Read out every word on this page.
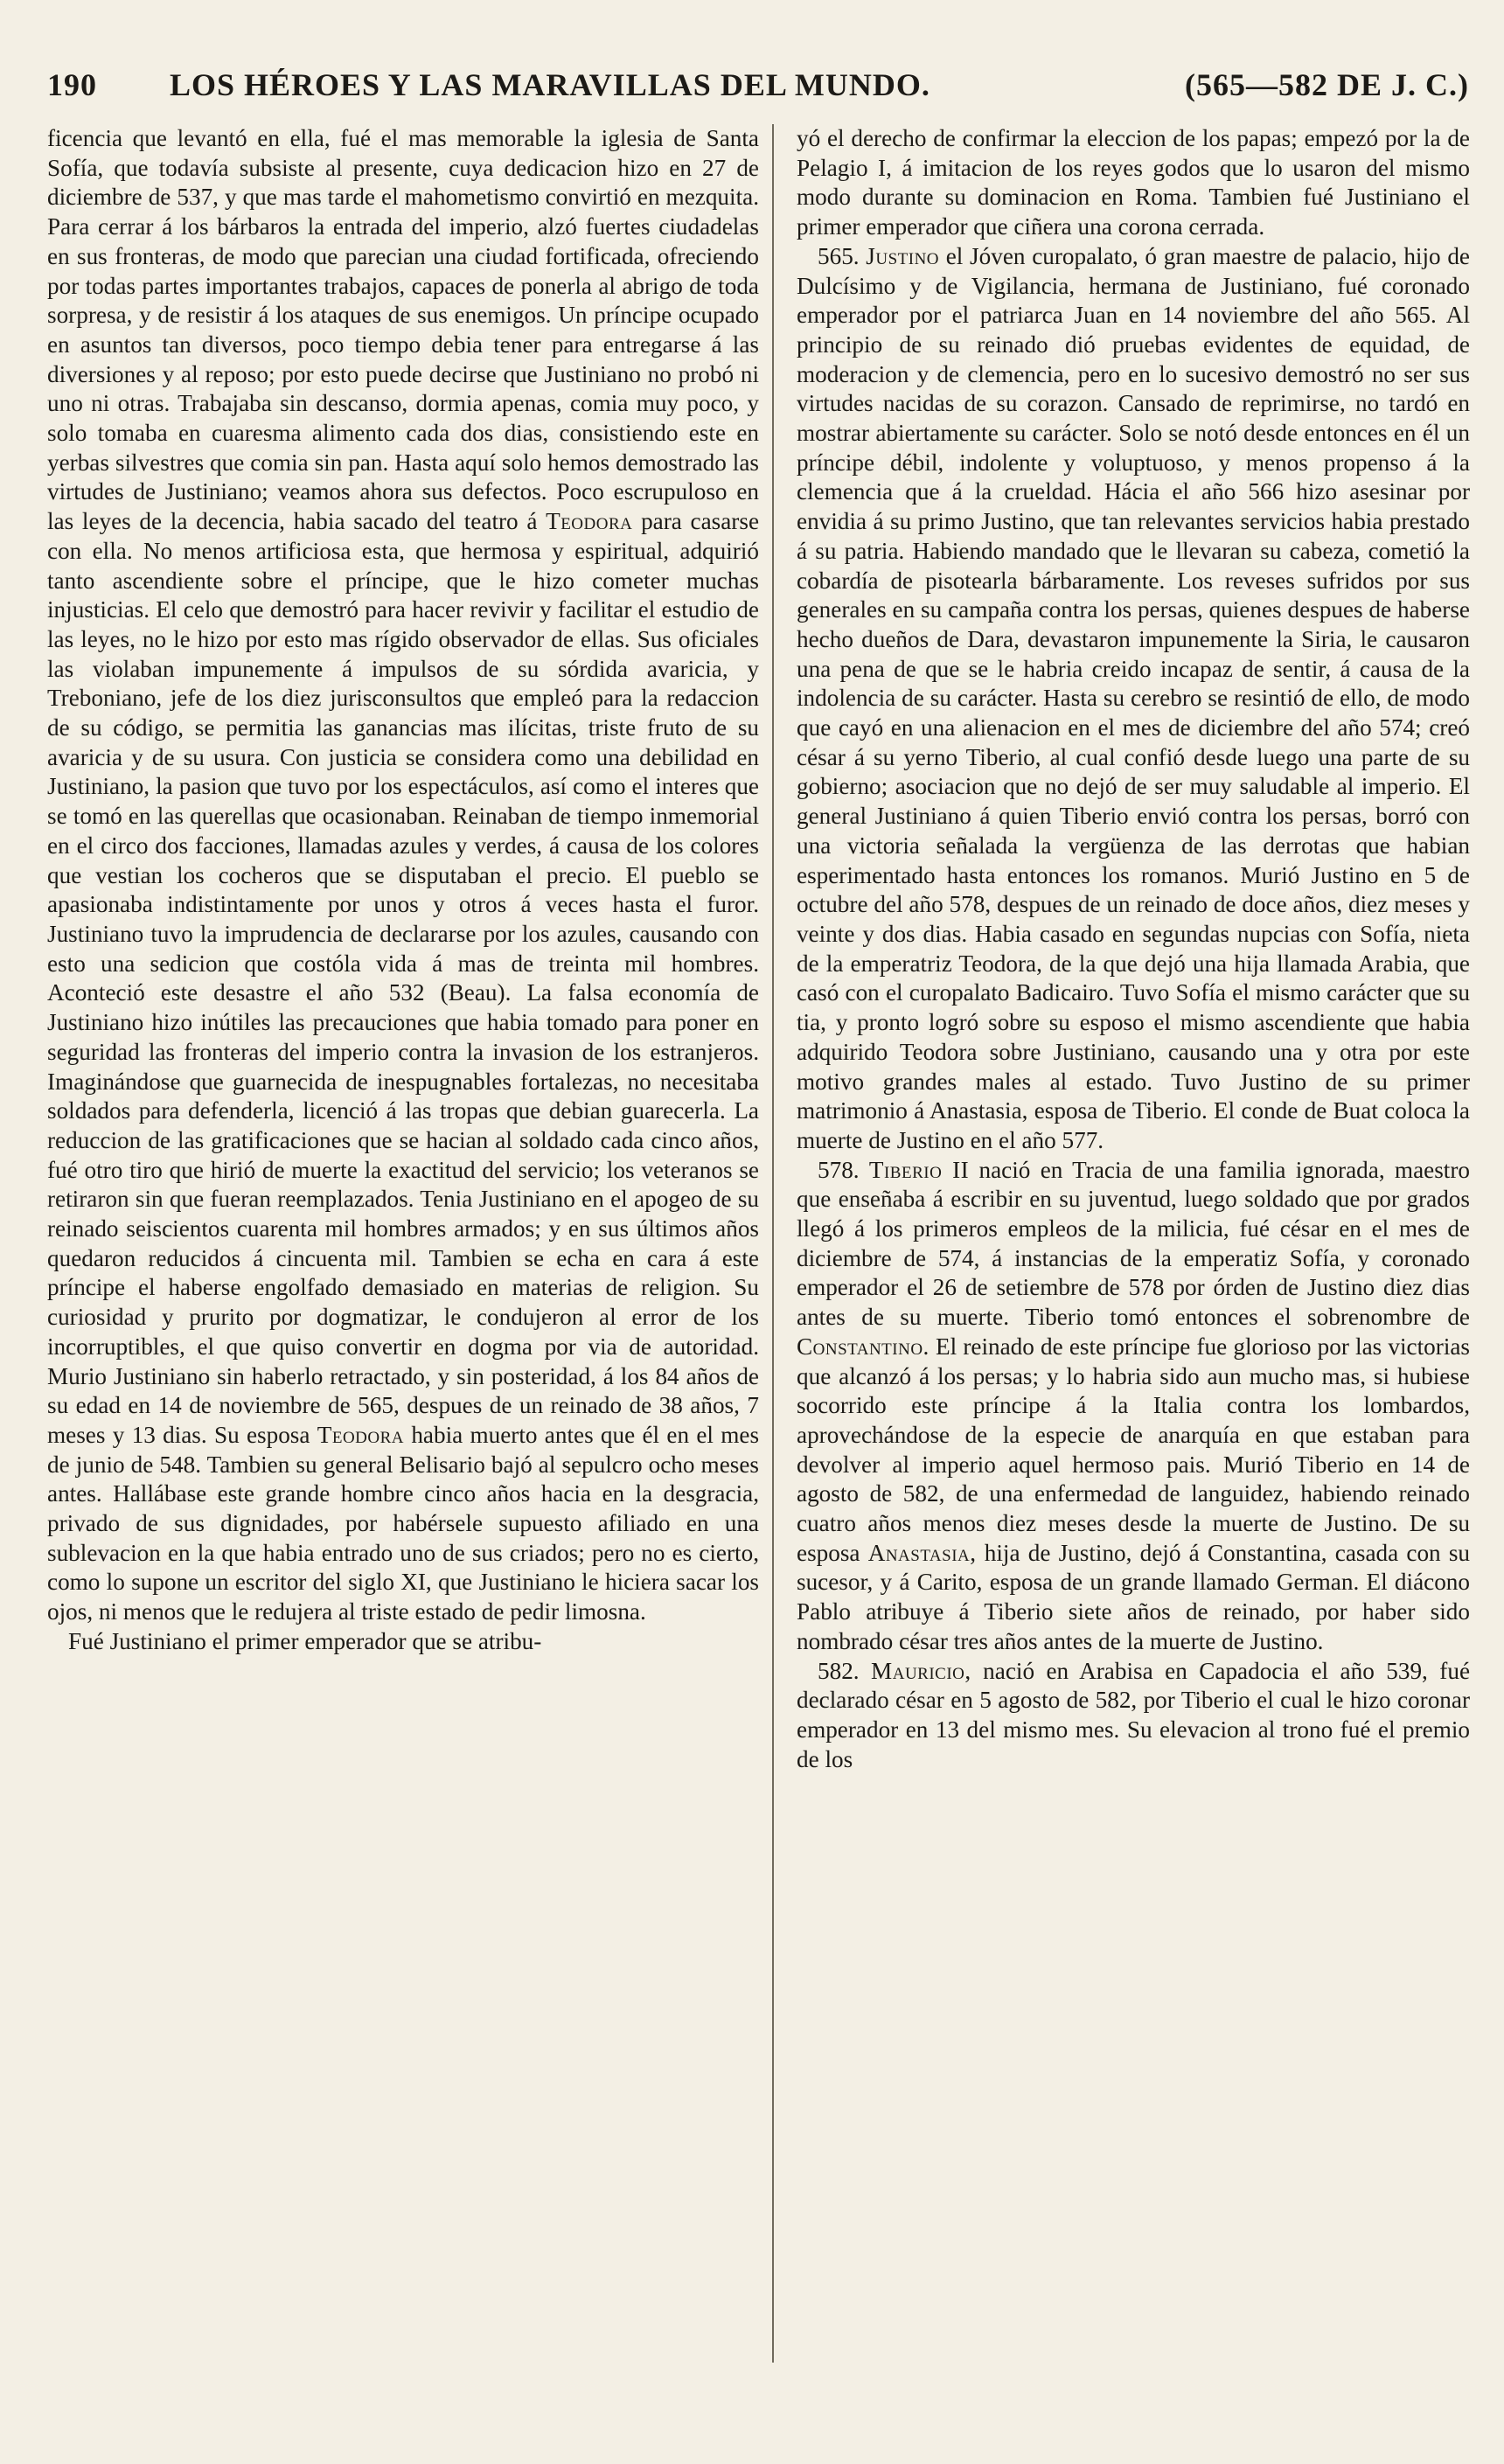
190 LOS HÉROES Y LAS MARAVILLAS DEL MUNDO.	(565—582 DE J. C.)

ficencia que levantó en ella, fué el mas memorable la iglesia de Santa Sofía, que todavía subsiste al presente, cuya dedicacion hizo en 27 de diciembre de 537, y que mas tarde el mahometismo convirtió en mezquita. Para cerrar á los bárbaros la entrada del imperio, alzó fuertes ciudadelas en sus fronteras, de modo que parecian una ciudad fortificada, ofreciendo por todas partes importantes trabajos, capaces de ponerla al abrigo de toda sorpresa, y de resistir á los ataques de sus enemigos. Un príncipe ocupado en asuntos tan diversos, poco tiempo debia tener para entregarse á las diversiones y al reposo; por esto puede decirse que Justiniano no probó ni uno ni otras. Trabajaba sin descanso, dormia apenas, comia muy poco, y solo tomaba en cuaresma alimento cada dos dias, consistiendo este en yerbas silvestres que comia sin pan. Hasta aquí solo hemos demostrado las virtudes de Justiniano; veamos ahora sus defectos. Poco escrupuloso en las leyes de la decencia, habia sacado del teatro á Teodora para casarse con ella. No menos artificiosa esta, que hermosa y espiritual, adquirió tanto ascendiente sobre el príncipe, que le hizo cometer muchas injusticias. El celo que demostró para hacer revivir y facilitar el estudio de las leyes, no le hizo por esto mas rígido observador de ellas. Sus oficiales las violaban impunemente á impulsos de su sórdida avaricia, y Treboniano, jefe de los diez jurisconsultos que empleó para la redaccion de su código, se permitia las ganancias mas ilícitas, triste fruto de su avaricia y de su usura. Con justicia se considera como una debilidad en Justiniano, la pasion que tuvo por los espectáculos, así como el interes que se tomó en las querellas que ocasionaban. Reinaban de tiempo inmemorial en el circo dos facciones, llamadas azules y verdes, á causa de los colores que vestian los cocheros que se disputaban el precio. El pueblo se apasionaba indistintamente por unos y otros á veces hasta el furor. Justiniano tuvo la imprudencia de declararse por los azules, causando con esto una sedicion que costóla vida á mas de treinta mil hombres. Aconteció este desastre el año 532 (Beau). La falsa economía de Justiniano hizo inútiles las precauciones que habia tomado para poner en seguridad las fronteras del imperio contra la invasion de los estranjeros. Imaginándose que guarnecida de inespugnables fortalezas, no necesitaba soldados para defenderla, licenció á las tropas que debian guarecerla. La reduccion de las gratificaciones que se hacian al soldado cada cinco años, fué otro tiro que hirió de muerte la exactitud del servicio; los veteranos se retiraron sin que fueran reemplazados. Tenia Justiniano en el apogeo de su reinado seiscientos cuarenta mil hombres armados; y en sus últimos años quedaron reducidos á cincuenta mil. Tambien se echa en cara á este príncipe el haberse engolfado demasiado en materias de religion. Su curiosidad y prurito por dogmatizar, le condujeron al error de los incorruptibles, el que quiso convertir en dogma por via de autoridad. Murio Justiniano sin haberlo retractado, y sin posteridad, á los 84 años de su edad en 14 de noviembre de 565, despues de un reinado de 38 años, 7 meses y 13 dias. Su esposa Teodora habia muerto antes que él en el mes de junio de 548. Tambien su general Belisario bajó al sepulcro ocho meses antes. Hallábase este grande hombre cinco años hacia en la desgracia, privado de sus dignidades, por habérsele supuesto afiliado en una sublevacion en la que habia entrado uno de sus criados; pero no es cierto, como lo supone un escritor del siglo XI, que Justiniano le hiciera sacar los ojos, ni menos que le redujera al triste estado de pedir limosna.

Fué Justiniano el primer emperador que se atribu-

yó el derecho de confirmar la eleccion de los papas; empezó por la de Pelagio I, á imitacion de los reyes godos que lo usaron del mismo modo durante su dominacion en Roma. Tambien fué Justiniano el primer emperador que ciñera una corona cerrada.

565. Justino el Jóven curopalato, ó gran maestre de palacio, hijo de Dulcísimo y de Vigilancia, hermana de Justiniano, fué coronado emperador por el patriarca Juan en 14 noviembre del año 565. Al principio de su reinado dió pruebas evidentes de equidad, de moderacion y de clemencia, pero en lo sucesivo demostró no ser sus virtudes nacidas de su corazon. Cansado de reprimirse, no tardó en mostrar abiertamente su carácter. Solo se notó desde entonces en él un príncipe débil, indolente y voluptuoso, y menos propenso á la clemencia que á la crueldad. Hácia el año 566 hizo asesinar por envidia á su primo Justino, que tan relevantes servicios habia prestado á su patria. Habiendo mandado que le llevaran su cabeza, cometió la cobardía de pisotearla bárbaramente. Los reveses sufridos por sus generales en su campaña contra los persas, quienes despues de haberse hecho dueños de Dara, devastaron impunemente la Siria, le causaron una pena de que se le habria creido incapaz de sentir, á causa de la indolencia de su carácter. Hasta su cerebro se resintió de ello, de modo que cayó en una alienacion en el mes de diciembre del año 574; creó césar á su yerno Tiberio, al cual confió desde luego una parte de su gobierno; asociacion que no dejó de ser muy saludable al imperio. El general Justiniano á quien Tiberio envió contra los persas, borró con una victoria señalada la vergüenza de las derrotas que habian esperimentado hasta entonces los romanos. Murió Justino en 5 de octubre del año 578, despues de un reinado de doce años, diez meses y veinte y dos dias. Habia casado en segundas nupcias con Sofía, nieta de la emperatriz Teodora, de la que dejó una hija llamada Arabia, que casó con el curopalato Badicairo. Tuvo Sofía el mismo carácter que su tia, y pronto logró sobre su esposo el mismo ascendiente que habia adquirido Teodora sobre Justiniano, causando una y otra por este motivo grandes males al estado. Tuvo Justino de su primer matrimonio á Anastasia, esposa de Tiberio. El conde de Buat coloca la muerte de Justino en el año 577.

578. Tiberio II nació en Tracia de una familia ignorada, maestro que enseñaba á escribir en su juventud, luego soldado que por grados llegó á los primeros empleos de la milicia, fué césar en el mes de diciembre de 574, á instancias de la emperatiz Sofía, y coronado emperador el 26 de setiembre de 578 por órden de Justino diez dias antes de su muerte. Tiberio tomó entonces el sobrenombre de Constantino. El reinado de este príncipe fue glorioso por las victorias que alcanzó á los persas; y lo habria sido aun mucho mas, si hubiese socorrido este príncipe á la Italia contra los lombardos, aprovechándose de la especie de anarquía en que estaban para devolver al imperio aquel hermoso pais. Murió Tiberio en 14 de agosto de 582, de una enfermedad de languidez, habiendo reinado cuatro años menos diez meses desde la muerte de Justino. De su esposa Anastasia, hija de Justino, dejó á Constantina, casada con su sucesor, y á Carito, esposa de un grande llamado German. El diácono Pablo atribuye á Tiberio siete años de reinado, por haber sido nombrado césar tres años antes de la muerte de Justino.

582. Mauricio, nació en Arabisa en Capadocia el año 539, fué declarado césar en 5 agosto de 582, por Tiberio el cual le hizo coronar emperador en 13 del mismo mes. Su elevacion al trono fué el premio de los
